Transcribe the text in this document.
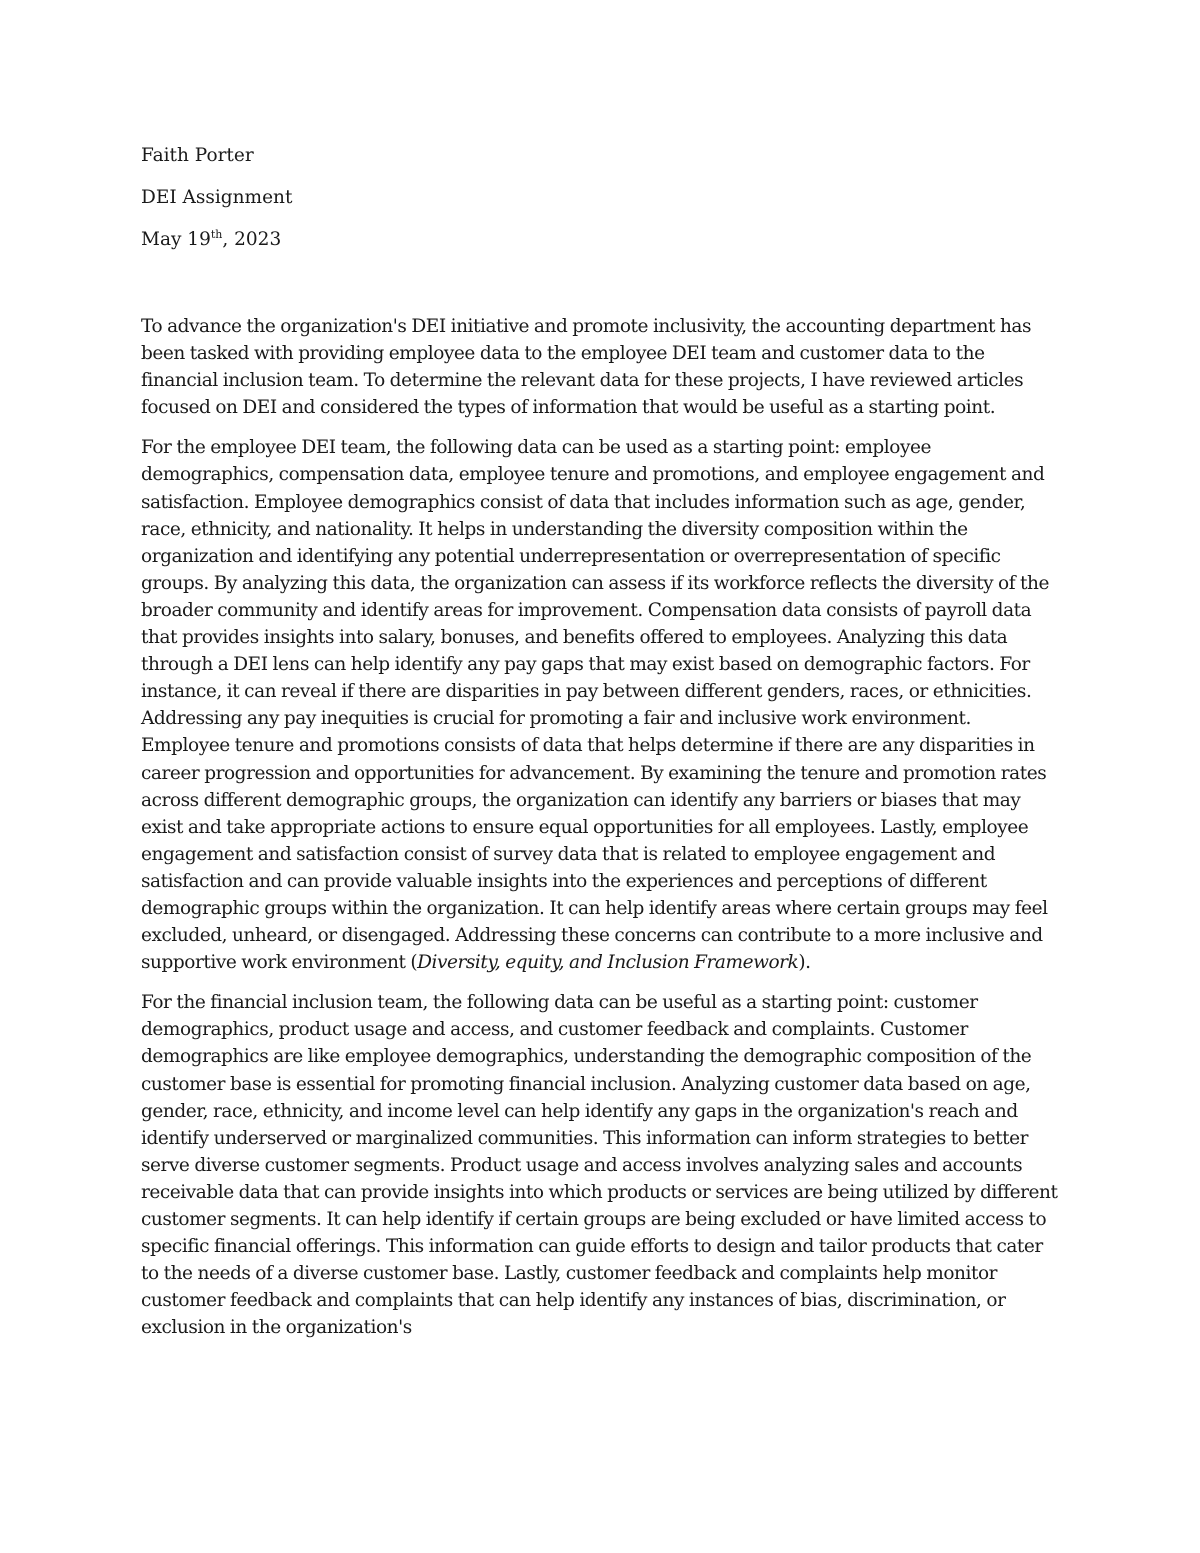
Faith Porter
DEI Assignment
May 19th, 2023

To advance the organization's DEI initiative and promote inclusivity, the accounting department has been tasked with providing employee data to the employee DEI team and customer data to the financial inclusion team. To determine the relevant data for these projects, I have reviewed articles focused on DEI and considered the types of information that would be useful as a starting point.

For the employee DEI team, the following data can be used as a starting point: employee demographics, compensation data, employee tenure and promotions, and employee engagement and satisfaction. Employee demographics consist of data that includes information such as age, gender, race, ethnicity, and nationality. It helps in understanding the diversity composition within the organization and identifying any potential underrepresentation or overrepresentation of specific groups. By analyzing this data, the organization can assess if its workforce reflects the diversity of the broader community and identify areas for improvement. Compensation data consists of payroll data that provides insights into salary, bonuses, and benefits offered to employees. Analyzing this data through a DEI lens can help identify any pay gaps that may exist based on demographic factors. For instance, it can reveal if there are disparities in pay between different genders, races, or ethnicities. Addressing any pay inequities is crucial for promoting a fair and inclusive work environment. Employee tenure and promotions consists of data that helps determine if there are any disparities in career progression and opportunities for advancement. By examining the tenure and promotion rates across different demographic groups, the organization can identify any barriers or biases that may exist and take appropriate actions to ensure equal opportunities for all employees. Lastly, employee engagement and satisfaction consist of survey data that is related to employee engagement and satisfaction and can provide valuable insights into the experiences and perceptions of different demographic groups within the organization. It can help identify areas where certain groups may feel excluded, unheard, or disengaged. Addressing these concerns can contribute to a more inclusive and supportive work environment (Diversity, equity, and Inclusion Framework).

For the financial inclusion team, the following data can be useful as a starting point: customer demographics, product usage and access, and customer feedback and complaints. Customer demographics are like employee demographics, understanding the demographic composition of the customer base is essential for promoting financial inclusion. Analyzing customer data based on age, gender, race, ethnicity, and income level can help identify any gaps in the organization's reach and identify underserved or marginalized communities. This information can inform strategies to better serve diverse customer segments. Product usage and access involves analyzing sales and accounts receivable data that can provide insights into which products or services are being utilized by different customer segments. It can help identify if certain groups are being excluded or have limited access to specific financial offerings. This information can guide efforts to design and tailor products that cater to the needs of a diverse customer base. Lastly, customer feedback and complaints help monitor customer feedback and complaints that can help identify any instances of bias, discrimination, or exclusion in the organization's
